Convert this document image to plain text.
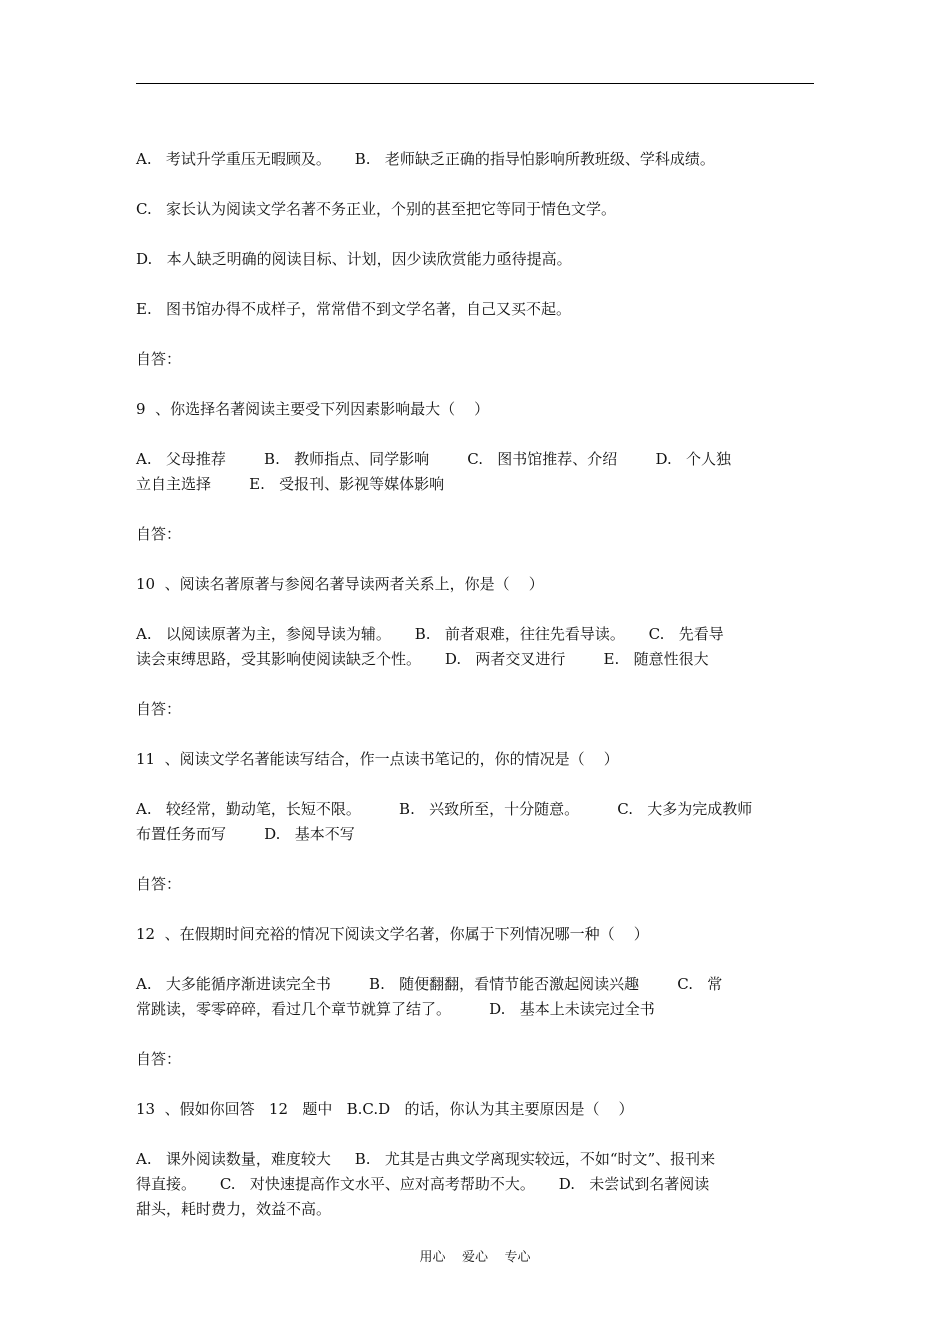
A.   考试升学重压无暇顾及。     B.   老师缺乏正确的指导怕影响所教班级、学科成绩。
C.   家长认为阅读文学名著不务正业，个别的甚至把它等同于情色文学。
D.   本人缺乏明确的阅读目标、计划，因少读欣赏能力亟待提高。
E.   图书馆办得不成样子，常常借不到文学名著，自己又买不起。
自答：
9  、你选择名著阅读主要受下列因素影响最大（    ）
A.   父母推荐        B.   教师指点、同学影响        C.   图书馆推荐、介绍        D.   个人独
立自主选择        E.   受报刊、影视等媒体影响
自答：
10  、阅读名著原著与参阅名著导读两者关系上，你是（    ）
A.   以阅读原著为主，参阅导读为辅。     B.   前者艰难，往往先看导读。     C.   先看导
读会束缚思路，受其影响使阅读缺乏个性。     D.   两者交叉进行        E.   随意性很大
自答：
11  、阅读文学名著能读写结合，作一点读书笔记的，你的情况是（    ）
A.   较经常，勤动笔，长短不限。        B.   兴致所至，十分随意。        C.   大多为完成教师
布置任务而写        D.   基本不写
自答：
12  、在假期时间充裕的情况下阅读文学名著，你属于下列情况哪一种（    ）
A.   大多能循序渐进读完全书        B.   随便翻翻，看情节能否激起阅读兴趣        C.   常
常跳读，零零碎碎，看过几个章节就算了结了。        D.   基本上未读完过全书
自答：
13  、假如你回答   12   题中   B.C.D   的话，你认为其主要原因是（    ）
A.   课外阅读数量，难度较大     B.   尤其是古典文学离现实较远，不如“时文”、报刊来
得直接。     C.   对快速提高作文水平、应对高考帮助不大。     D.   未尝试到名著阅读
甜头，耗时费力，效益不高。
用心    爱心    专心
